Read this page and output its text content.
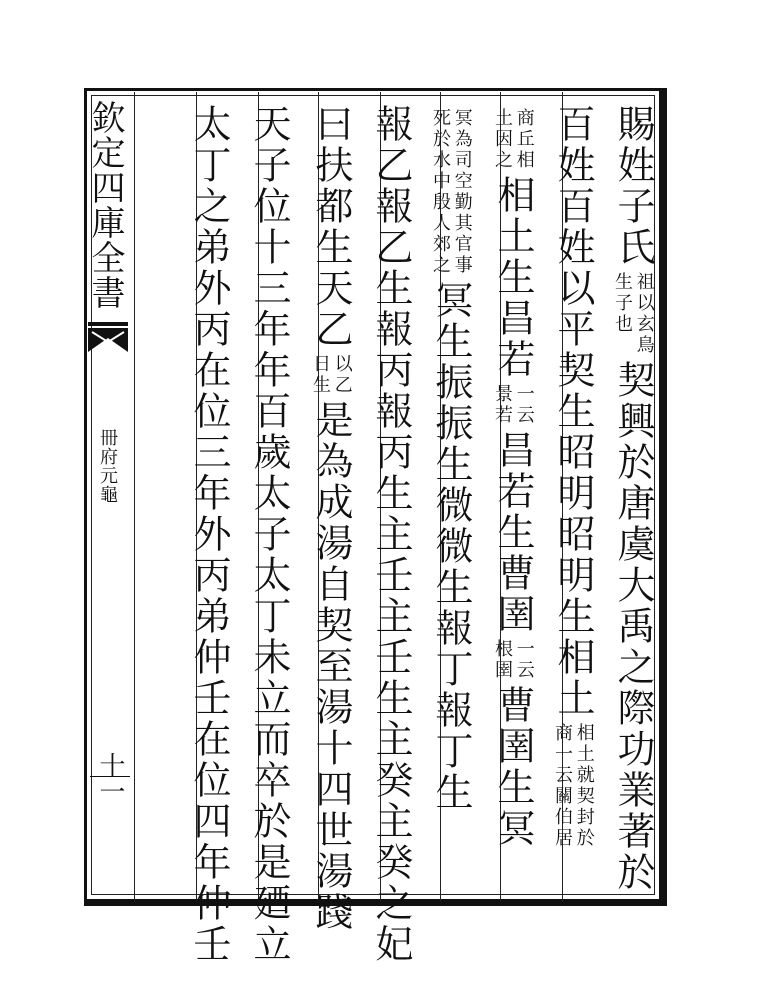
欽定四庫全書
冊府元龜
十一
賜姓子氏
祖以玄鳥
生子也
契興於唐虞大禹之際功業著於
百姓百姓以平契生昭明昭明生相土
相土就契封於
商一云關伯居
商丘相
土因之
相土生昌若
一云
景若
昌若生曹圉
一云
根圉
曹圉生冥
冥為司空勤其官事
死於水中殷人郊之
冥生振振生微微生報丁報丁生
報乙報乙生報丙報丙生主壬主壬生主癸主癸之妃
曰扶都生天乙
以乙
日生
是為成湯自契至湯十四世湯踐
天子位十三年年百歲太子太丁未立而卒於是廼立
太丁之弟外丙在位三年外丙弟仲壬在位四年仲壬
